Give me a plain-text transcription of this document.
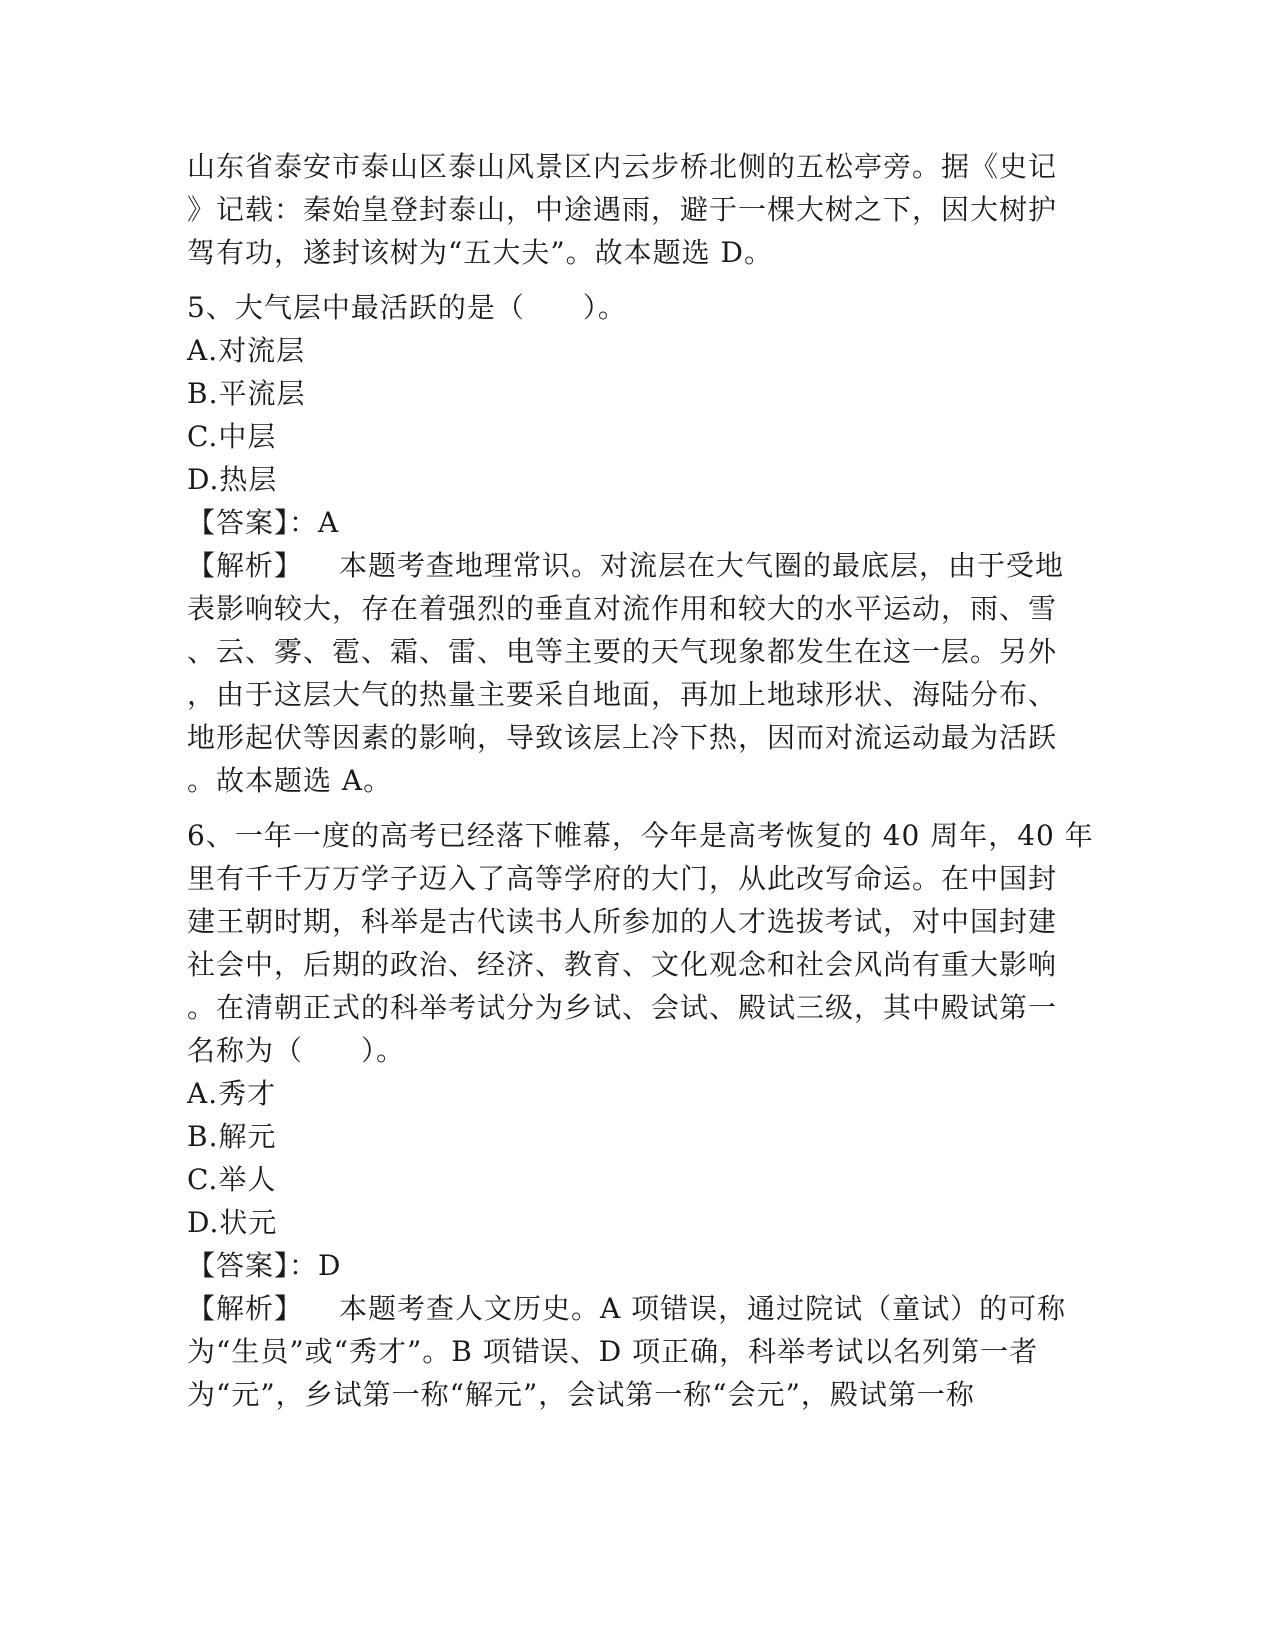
山东省泰安市泰山区泰山风景区内云步桥北侧的五松亭旁。据《史记
》记载：秦始皇登封泰山，中途遇雨，避于一棵大树之下，因大树护
驾有功，遂封该树为“五大夫”。故本题选 D。
5、大气层中最活跃的是（　　）。
A.对流层
B.平流层
C.中层
D.热层
【答案】：A
【解析】 本题考查地理常识。对流层在大气圈的最底层，由于受地
表影响较大，存在着强烈的垂直对流作用和较大的水平运动，雨、雪
、云、雾、雹、霜、雷、电等主要的天气现象都发生在这一层。另外
，由于这层大气的热量主要采自地面，再加上地球形状、海陆分布、
地形起伏等因素的影响，导致该层上冷下热，因而对流运动最为活跃
。故本题选 A。
6、一年一度的高考已经落下帷幕，今年是高考恢复的 40 周年，40 年
里有千千万万学子迈入了高等学府的大门，从此改写命运。在中国封
建王朝时期，科举是古代读书人所参加的人才选拔考试，对中国封建
社会中，后期的政治、经济、教育、文化观念和社会风尚有重大影响
。在清朝正式的科举考试分为乡试、会试、殿试三级，其中殿试第一
名称为（　　）。
A.秀才
B.解元
C.举人
D.状元
【答案】：D
【解析】 本题考查人文历史。A 项错误，通过院试（童试）的可称
为“生员”或“秀才”。B 项错误、D 项正确，科举考试以名列第一者
为“元”，乡试第一称“解元”，会试第一称“会元”，殿试第一称
